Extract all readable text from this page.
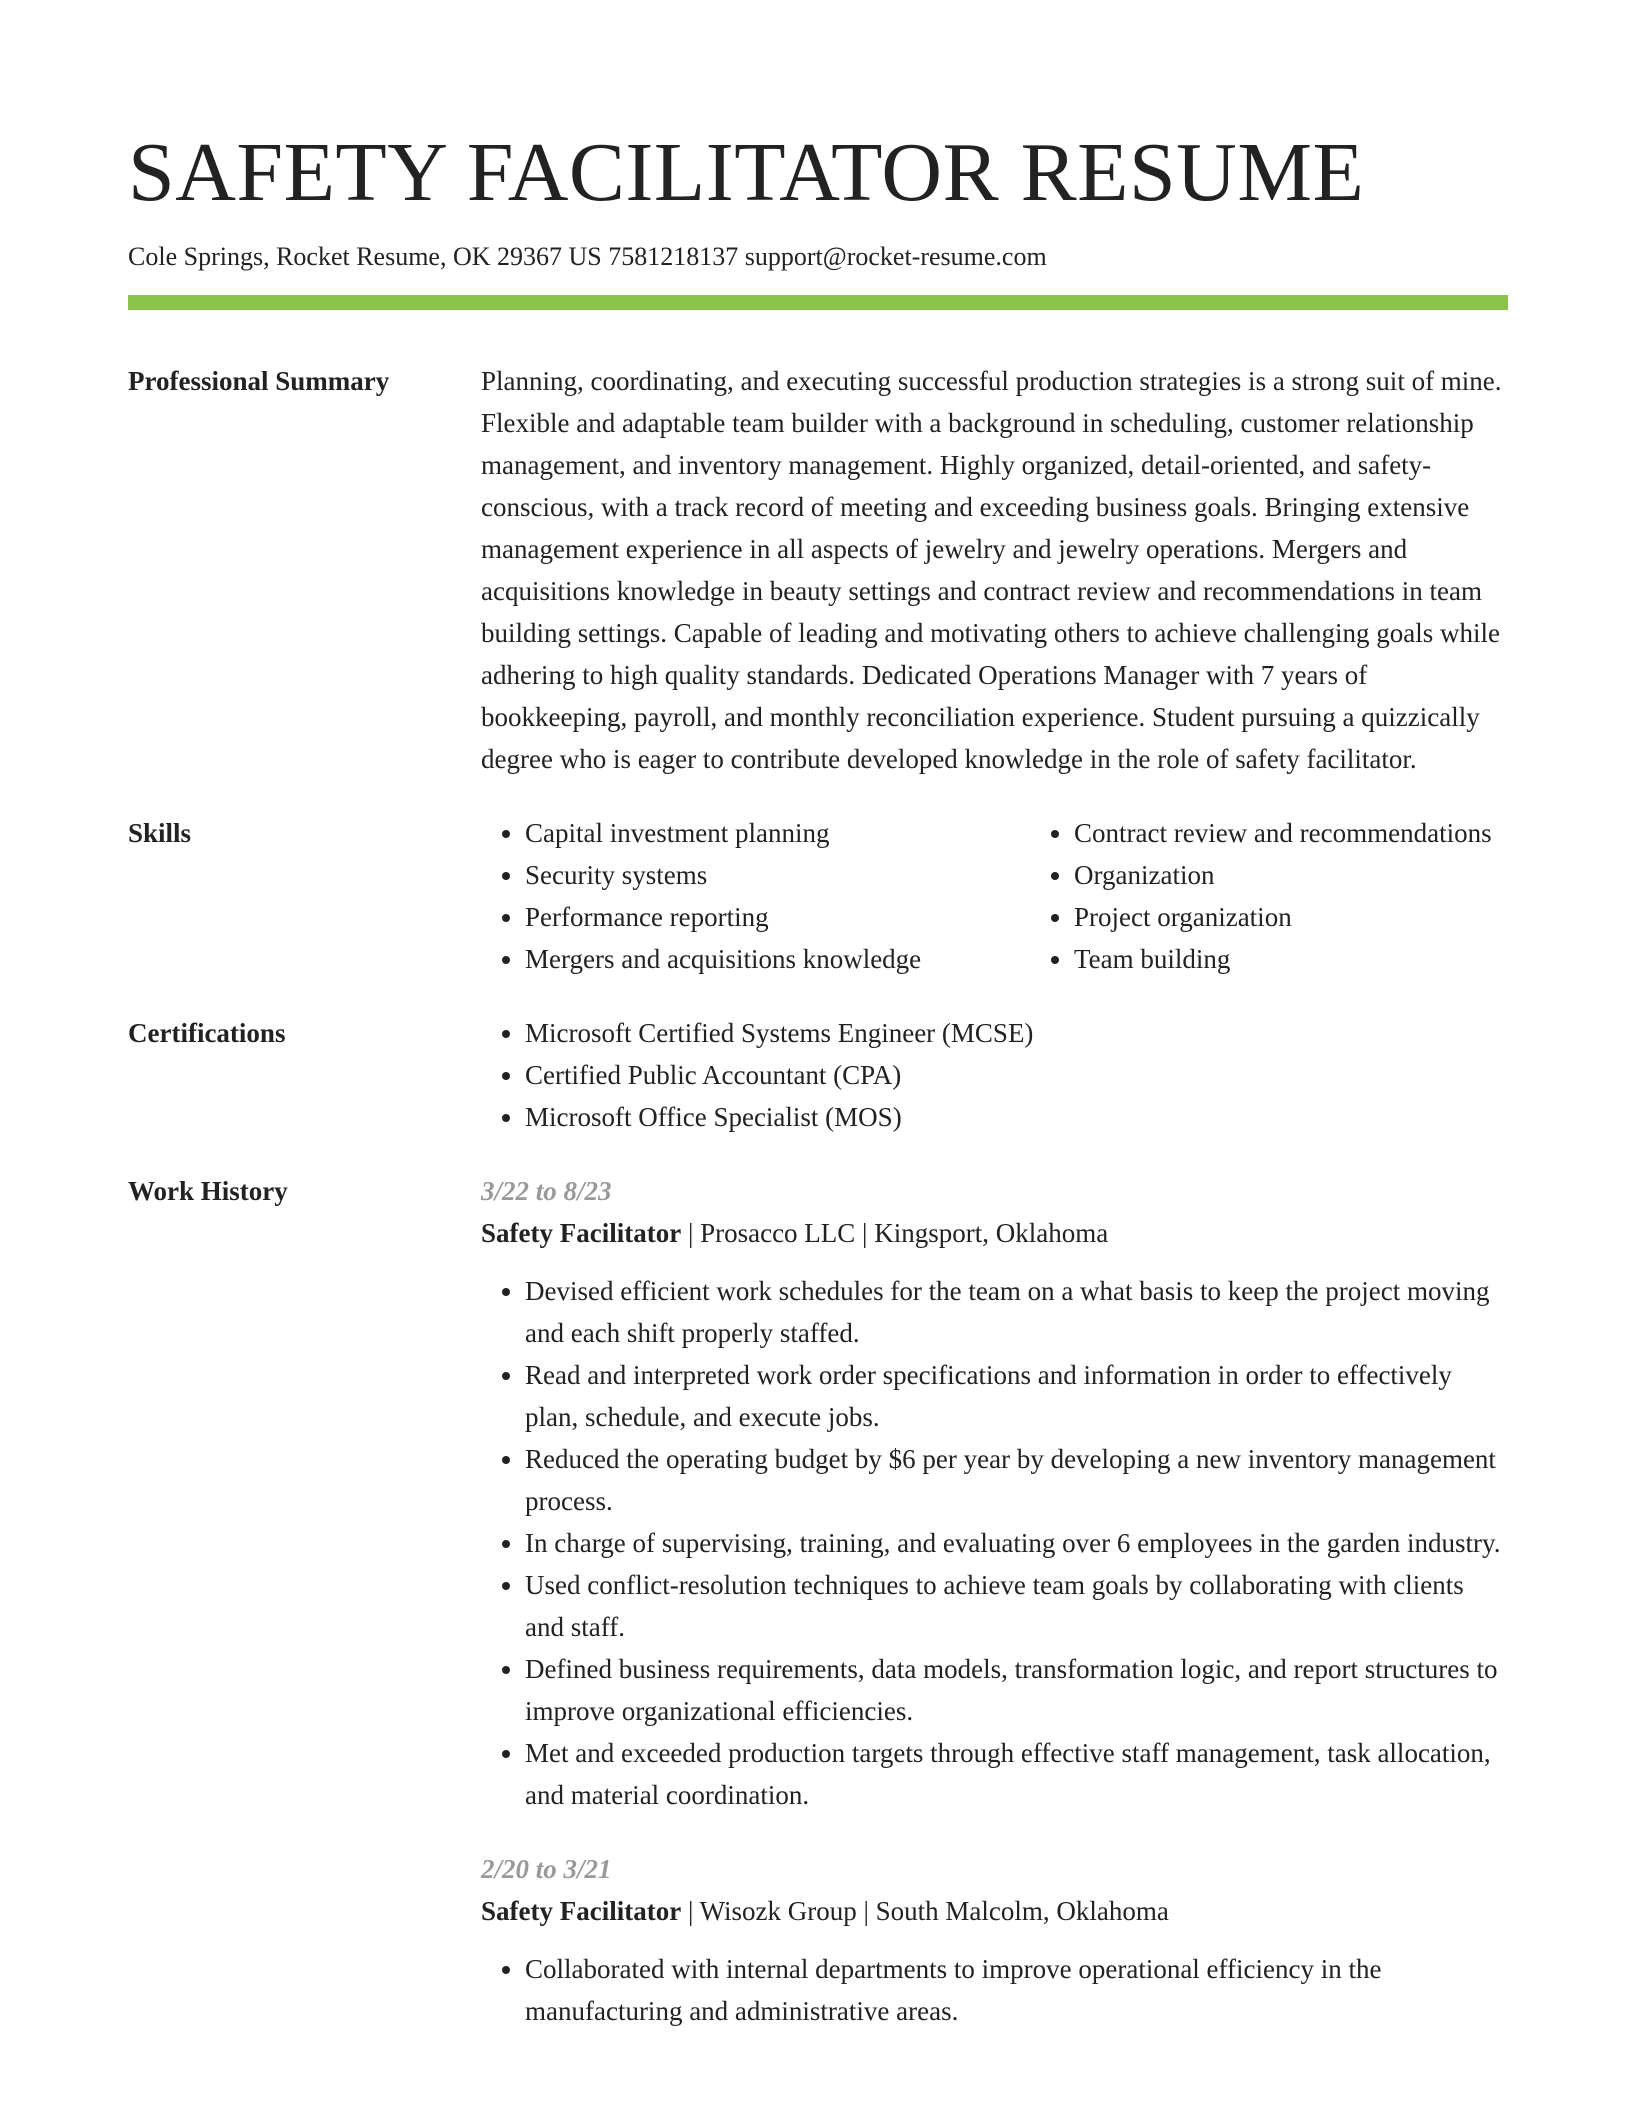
SAFETY FACILITATOR RESUME
Cole Springs, Rocket Resume, OK 29367 US 7581218137 support@rocket-resume.com
Professional Summary	Planning, coordinating, and executing successful production strategies is a strong suit of mine. Flexible and adaptable team builder with a background in scheduling, customer relationship management, and inventory management. Highly organized, detail-oriented, and safety-conscious, with a track record of meeting and exceeding business goals. Bringing extensive management experience in all aspects of jewelry and jewelry operations. Mergers and acquisitions knowledge in beauty settings and contract review and recommendations in team building settings. Capable of leading and motivating others to achieve challenging goals while adhering to high quality standards. Dedicated Operations Manager with 7 years of bookkeeping, payroll, and monthly reconciliation experience. Student pursuing a quizzically degree who is eager to contribute developed knowledge in the role of safety facilitator.
Skills	• Capital investment planning
• Security systems
• Performance reporting
• Mergers and acquisitions knowledge
• Contract review and recommendations
• Organization
• Project organization
• Team building
Certifications	• Microsoft Certified Systems Engineer (MCSE)
• Certified Public Accountant (CPA)
• Microsoft Office Specialist (MOS)
Work History	3/22 to 8/23
Safety Facilitator | Prosacco LLC | Kingsport, Oklahoma
• Devised efficient work schedules for the team on a what basis to keep the project moving and each shift properly staffed.
• Read and interpreted work order specifications and information in order to effectively plan, schedule, and execute jobs.
• Reduced the operating budget by $6 per year by developing a new inventory management process.
• In charge of supervising, training, and evaluating over 6 employees in the garden industry.
• Used conflict-resolution techniques to achieve team goals by collaborating with clients and staff.
• Defined business requirements, data models, transformation logic, and report structures to improve organizational efficiencies.
• Met and exceeded production targets through effective staff management, task allocation, and material coordination.
2/20 to 3/21
Safety Facilitator | Wisozk Group | South Malcolm, Oklahoma
• Collaborated with internal departments to improve operational efficiency in the manufacturing and administrative areas.
